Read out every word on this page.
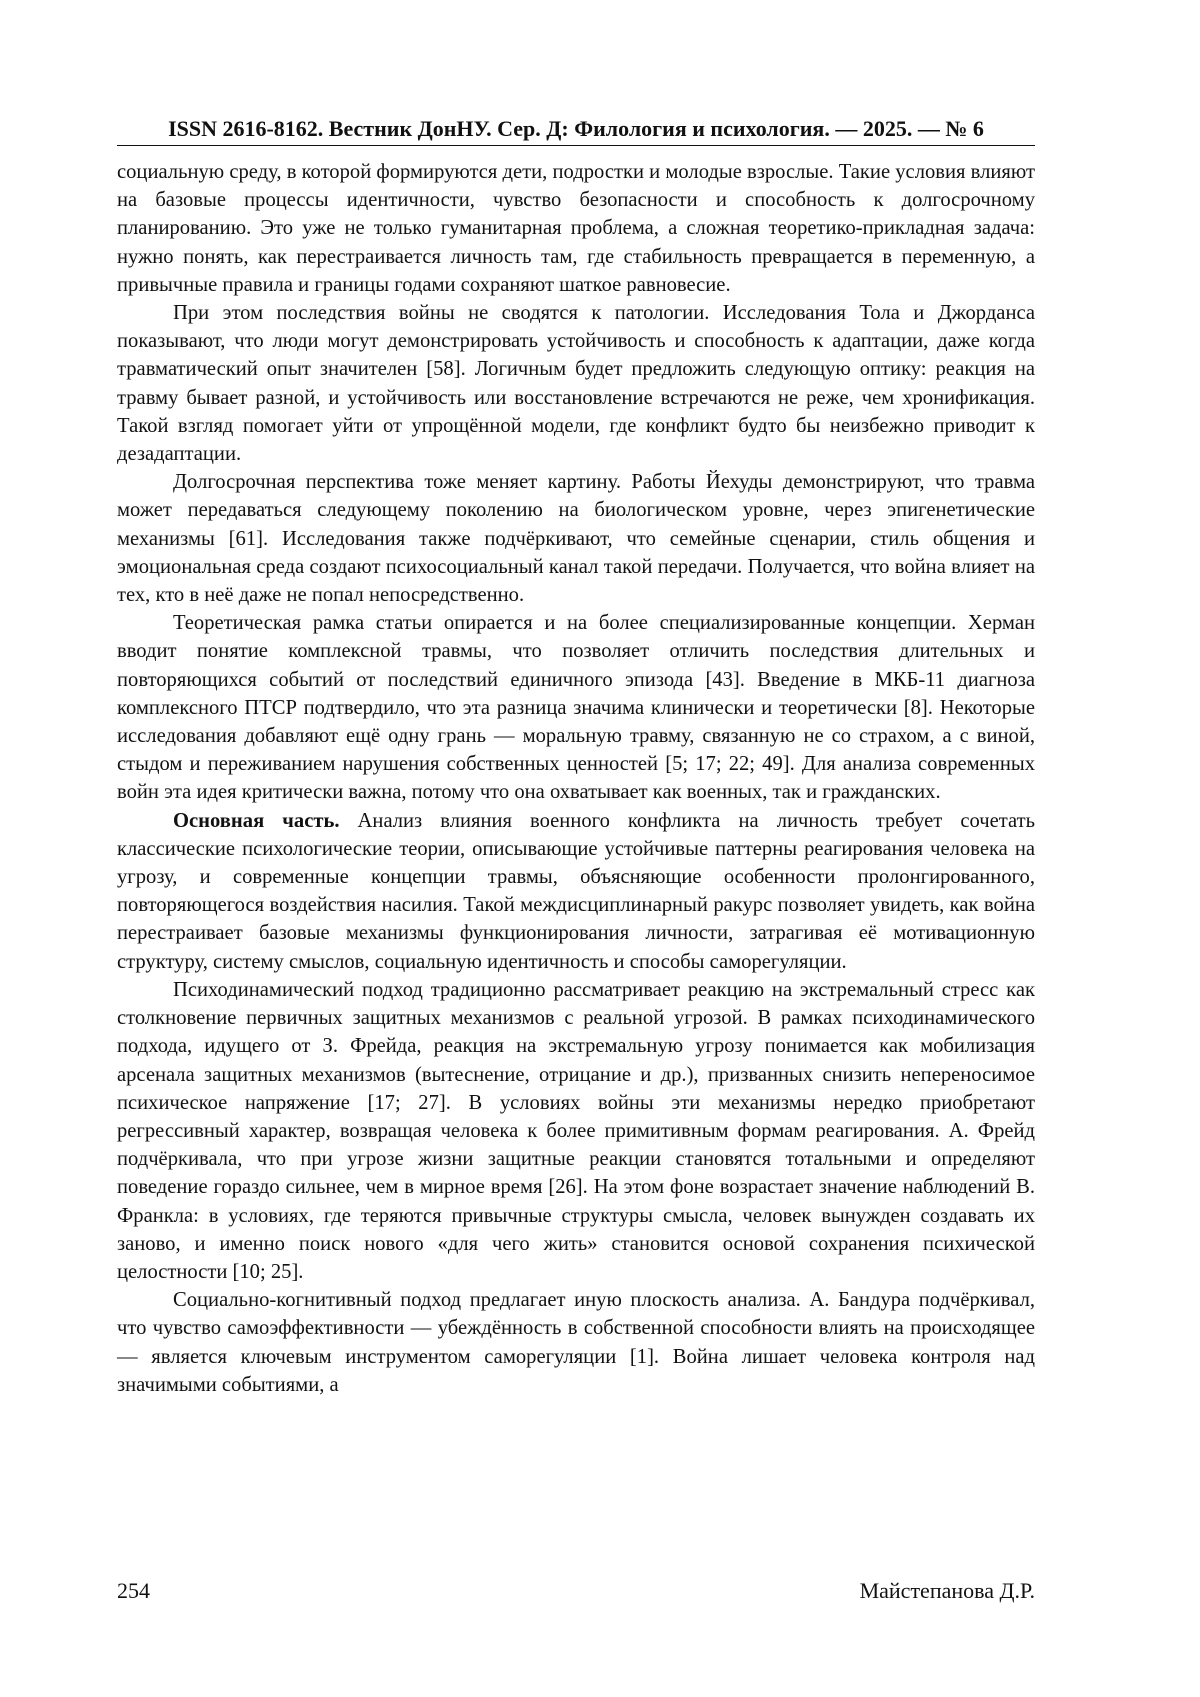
ISSN 2616-8162. Вестник ДонНУ. Сер. Д: Филология и психология. — 2025. — № 6

социальную среду, в которой формируются дети, подростки и молодые взрослые. Такие условия влияют на базовые процессы идентичности, чувство безопасности и способность к долгосрочному планированию. Это уже не только гуманитарная проблема, а сложная теоретико-прикладная задача: нужно понять, как перестраивается личность там, где стабильность превращается в переменную, а привычные правила и границы годами сохраняют шаткое равновесие.

При этом последствия войны не сводятся к патологии. Исследования Тола и Джорданса показывают, что люди могут демонстрировать устойчивость и способность к адаптации, даже когда травматический опыт значителен [58]. Логичным будет предложить следующую оптику: реакция на травму бывает разной, и устойчивость или восстановление встречаются не реже, чем хронификация. Такой взгляд помогает уйти от упрощённой модели, где конфликт будто бы неизбежно приводит к дезадаптации.

Долгосрочная перспектива тоже меняет картину. Работы Йехуды демонстрируют, что травма может передаваться следующему поколению на биологическом уровне, через эпигенетические механизмы [61]. Исследования также подчёркивают, что семейные сценарии, стиль общения и эмоциональная среда создают психосоциальный канал такой передачи. Получается, что война влияет на тех, кто в неё даже не попал непосредственно.

Теоретическая рамка статьи опирается и на более специализированные концепции. Херман вводит понятие комплексной травмы, что позволяет отличить последствия длительных и повторяющихся событий от последствий единичного эпизода [43]. Введение в МКБ-11 диагноза комплексного ПТСР подтвердило, что эта разница значима клинически и теоретически [8]. Некоторые исследования добавляют ещё одну грань — моральную травму, связанную не со страхом, а с виной, стыдом и переживанием нарушения собственных ценностей [5; 17; 22; 49]. Для анализа современных войн эта идея критически важна, потому что она охватывает как военных, так и гражданских.

Основная часть. Анализ влияния военного конфликта на личность требует сочетать классические психологические теории, описывающие устойчивые паттерны реагирования человека на угрозу, и современные концепции травмы, объясняющие особенности пролонгированного, повторяющегося воздействия насилия. Такой междисциплинарный ракурс позволяет увидеть, как война перестраивает базовые механизмы функционирования личности, затрагивая её мотивационную структуру, систему смыслов, социальную идентичность и способы саморегуляции.

Психодинамический подход традиционно рассматривает реакцию на экстремальный стресс как столкновение первичных защитных механизмов с реальной угрозой. В рамках психодинамического подхода, идущего от З. Фрейда, реакция на экстремальную угрозу понимается как мобилизация арсенала защитных механизмов (вытеснение, отрицание и др.), призванных снизить непереносимое психическое напряжение [17; 27]. В условиях войны эти механизмы нередко приобретают регрессивный характер, возвращая человека к более примитивным формам реагирования. А. Фрейд подчёркивала, что при угрозе жизни защитные реакции становятся тотальными и определяют поведение гораздо сильнее, чем в мирное время [26]. На этом фоне возрастает значение наблюдений В. Франкла: в условиях, где теряются привычные структуры смысла, человек вынужден создавать их заново, и именно поиск нового «для чего жить» становится основой сохранения психической целостности [10; 25].

Социально-когнитивный подход предлагает иную плоскость анализа. А. Бандура подчёркивал, что чувство самоэффективности — убеждённость в собственной способности влиять на происходящее — является ключевым инструментом саморегуляции [1]. Война лишает человека контроля над значимыми событиями, а

254	Майстепанова Д.Р.
